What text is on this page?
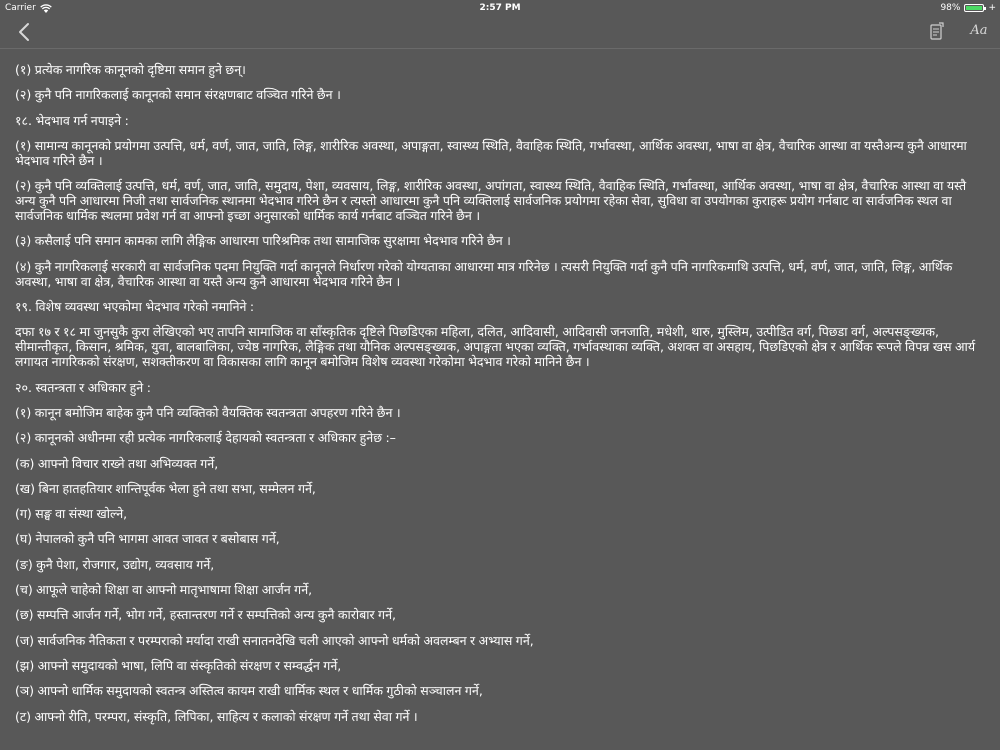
Carrier	2:57 PM	98%	+
Aa

(१) प्रत्येक नागरिक कानूनको दृष्टिमा समान हुने छन्।

(२) कुनै पनि नागरिकलाई कानूनको समान संरक्षणबाट वञ्चित गरिने छैन ।

१८. भेदभाव गर्न नपाइने :

(१) सामान्य कानूनको प्रयोगमा उत्पत्ति, धर्म, वर्ण, जात, जाति, लिङ्ग, शारीरिक अवस्था, अपाङ्गता, स्वास्थ्य स्थिति, वैवाहिक स्थिति, गर्भावस्था, आर्थिक अवस्था, भाषा वा क्षेत्र, वैचारिक आस्था वा यस्तैअन्य कुनै आधारमा भेदभाव गरिने छैन ।

(२) कुनै पनि व्यक्तिलाई उत्पत्ति, धर्म, वर्ण, जात, जाति, समुदाय, पेशा, व्यवसाय, लिङ्ग, शारीरिक अवस्था, अपांगता, स्वास्थ्य स्थिति, वैवाहिक स्थिति, गर्भावस्था, आर्थिक अवस्था, भाषा वा क्षेत्र, वैचारिक आस्था वा यस्तै अन्य कुनै पनि आधारमा निजी तथा सार्वजनिक स्थानमा भेदभाव गरिने छैन र त्यस्तो आधारमा कुनै पनि व्यक्तिलाई सार्वजनिक प्रयोगमा रहेका सेवा, सुविधा वा उपयोगका कुराहरू प्रयोग गर्नबाट वा सार्वजनिक स्थल वा सार्वजनिक धार्मिक स्थलमा प्रवेश गर्न वा आफ्नो इच्छा अनुसारको धार्मिक कार्य गर्नबाट वञ्चित गरिने छैन ।

(३) कसैलाई पनि समान कामका लागि लैङ्गिक आधारमा पारिश्रमिक तथा सामाजिक सुरक्षामा भेदभाव गरिने छैन ।

(४) कुनै नागरिकलाई सरकारी वा सार्वजनिक पदमा नियुक्ति गर्दा कानूनले निर्धारण गरेको योग्यताका आधारमा मात्र गरिनेछ । त्यसरी नियुक्ति गर्दा कुनै पनि नागरिकमाथि उत्पत्ति, धर्म, वर्ण, जात, जाति, लिङ्ग, आर्थिक अवस्था, भाषा वा क्षेत्र, वैचारिक आस्था वा यस्तै अन्य कुनै आधारमा भेदभाव गरिने छैन ।

१९. विशेष व्यवस्था भएकोमा भेदभाव गरेको नमानिने :

दफा १७ र १८ मा जुनसुकै कुरा लेखिएको भए तापनि सामाजिक वा साँस्कृतिक दृष्टिले पिछडिएका महिला, दलित, आदिवासी, आदिवासी जनजाति, मधेशी, थारु, मुस्लिम, उत्पीडित वर्ग, पिछडा वर्ग, अल्पसङ्ख्यक, सीमान्तीकृत, किसान, श्रमिक, युवा, बालबालिका, ज्येष्ठ नागरिक, लैङ्गिक तथा यौनिक अल्पसङ्ख्यक, अपाङ्गता भएका व्यक्ति, गर्भावस्थाका व्यक्ति, अशक्त वा असहाय, पिछडिएको क्षेत्र र आर्थिक रूपले विपन्न खस आर्य लगायत नागरिकको संरक्षण, सशक्तीकरण वा विकासका लागि कानून बमोजिम विशेष व्यवस्था गरेकोमा भेदभाव गरेको मानिने छैन ।

२०. स्वतन्त्रता र अधिकार हुने :

(१) कानून बमोजिम बाहेक कुनै पनि व्यक्तिको वैयक्तिक स्वतन्त्रता अपहरण गरिने छैन ।

(२) कानूनको अधीनमा रही प्रत्येक नागरिकलाई देहायको स्वतन्त्रता र अधिकार हुनेछ :–

(क) आफ्नो विचार राख्ने तथा अभिव्यक्त गर्ने,

(ख) बिना हातहतियार शान्तिपूर्वक भेला हुने तथा सभा, सम्मेलन गर्ने,

(ग) सङ्घ वा संस्था खोल्ने,

(घ) नेपालको कुनै पनि भागमा आवत जावत र बसोबास गर्ने,

(ङ) कुनै पेशा, रोजगार, उद्योग, व्यवसाय गर्ने,

(च) आफूले चाहेको शिक्षा वा आफ्नो मातृभाषामा शिक्षा आर्जन गर्ने,

(छ) सम्पत्ति आर्जन गर्ने, भोग गर्ने, हस्तान्तरण गर्ने र सम्पत्तिको अन्य कुनै कारोबार गर्ने,

(ज) सार्वजनिक नैतिकता र परम्पराको मर्यादा राखी सनातनदेखि चली आएको आफ्नो धर्मको अवलम्बन र अभ्यास गर्ने,

(झ) आफ्नो समुदायको भाषा, लिपि वा संस्कृतिको संरक्षण र सम्वर्द्धन गर्ने,

(ञ) आफ्नो धार्मिक समुदायको स्वतन्त्र अस्तित्व कायम राखी धार्मिक स्थल र धार्मिक गुठीको सञ्चालन गर्ने,

(ट) आफ्नो रीति, परम्परा, संस्कृति, लिपिका, साहित्य र कलाको संरक्षण गर्ने तथा सेवा गर्ने ।
